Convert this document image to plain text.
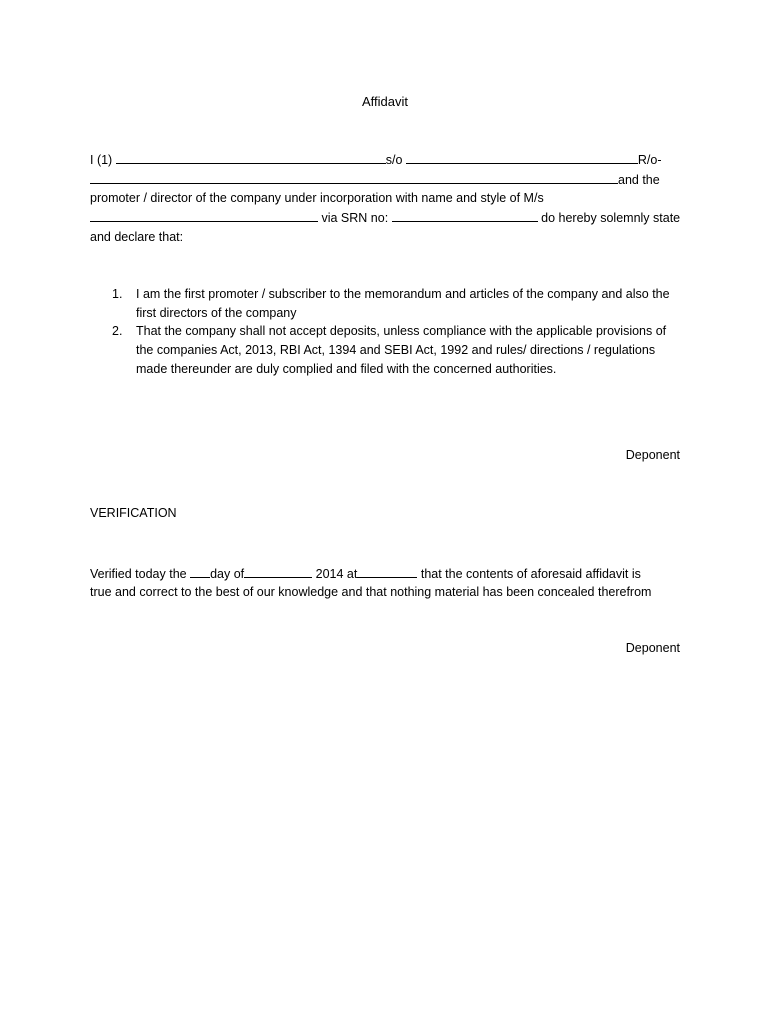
Affidavit
I (1)	s/o	R/o-
and the
promoter / director of the company under incorporation with name and style of M/s
via SRN no:	do hereby solemnly state
and declare that:
1.	I am the first promoter / subscriber to the memorandum and articles of the company and also the first directors of the company
2.	That the company shall not accept deposits, unless compliance with the applicable provisions of the companies Act, 2013, RBI Act, 1394 and SEBI Act, 1992 and rules/ directions / regulations made thereunder are duly complied and filed with the concerned authorities.
Deponent
VERIFICATION
Verified today the day of	2014 at	that the contents of aforesaid affidavit is
true and correct to the best of our knowledge and that nothing material has been concealed therefrom
Deponent
